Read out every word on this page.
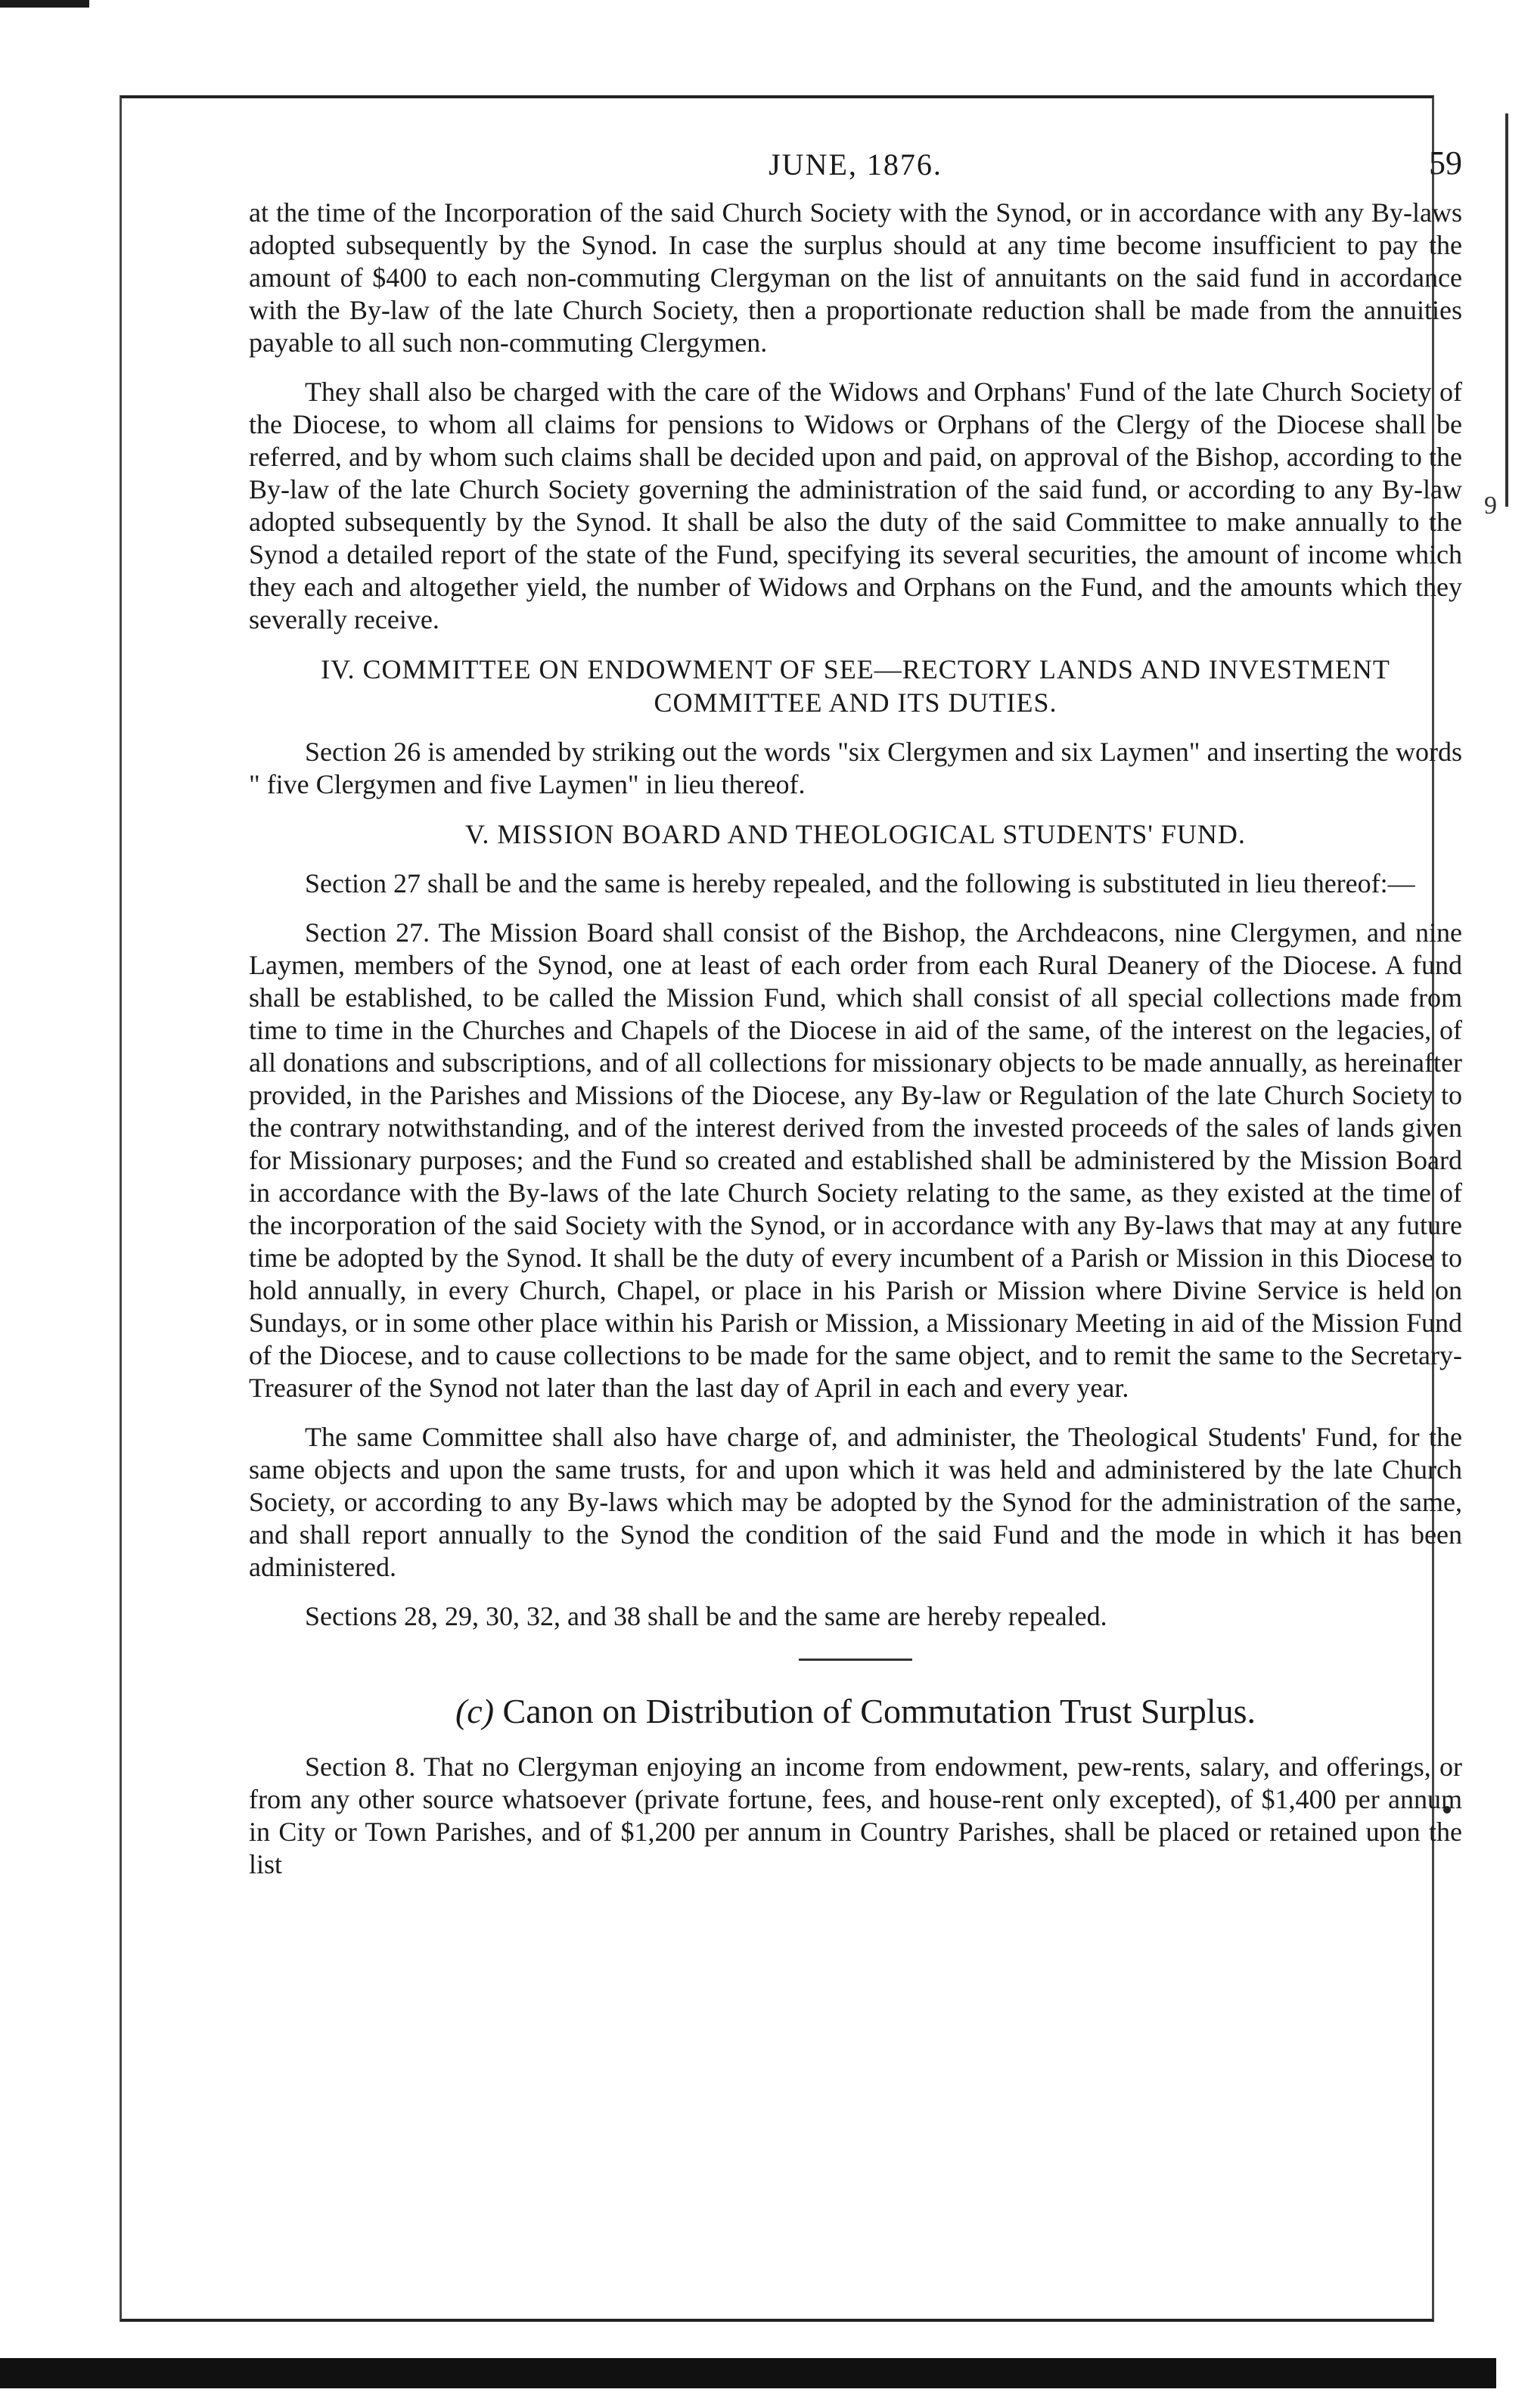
9
JUNE, 1876.	59

at the time of the Incorporation of the said Church Society with the Synod, or in accordance with any By-laws adopted subsequently by the Synod. In case the surplus should at any time become insufficient to pay the amount of $400 to each non-commuting Clergyman on the list of annuitants on the said fund in accordance with the By-law of the late Church Society, then a proportionate reduction shall be made from the annuities payable to all such non-commuting Clergymen.

They shall also be charged with the care of the Widows and Orphans' Fund of the late Church Society of the Diocese, to whom all claims for pensions to Widows or Orphans of the Clergy of the Diocese shall be referred, and by whom such claims shall be decided upon and paid, on approval of the Bishop, according to the By-law of the late Church Society governing the administration of the said fund, or according to any By-law adopted subsequently by the Synod. It shall be also the duty of the said Committee to make annually to the Synod a detailed report of the state of the Fund, specifying its several securities, the amount of income which they each and altogether yield, the number of Widows and Orphans on the Fund, and the amounts which they severally receive.

IV. COMMITTEE ON ENDOWMENT OF SEE—RECTORY LANDS AND INVESTMENT COMMITTEE AND ITS DUTIES.

Section 26 is amended by striking out the words "six Clergymen and six Laymen" and inserting the words " five Clergymen and five Laymen" in lieu thereof.

V. MISSION BOARD AND THEOLOGICAL STUDENTS' FUND.

Section 27 shall be and the same is hereby repealed, and the following is substituted in lieu thereof:—

Section 27. The Mission Board shall consist of the Bishop, the Archdeacons, nine Clergymen, and nine Laymen, members of the Synod, one at least of each order from each Rural Deanery of the Diocese. A fund shall be established, to be called the Mission Fund, which shall consist of all special collections made from time to time in the Churches and Chapels of the Diocese in aid of the same, of the interest on the legacies, of all donations and subscriptions, and of all collections for missionary objects to be made annually, as hereinafter provided, in the Parishes and Missions of the Diocese, any By-law or Regulation of the late Church Society to the contrary notwithstanding, and of the interest derived from the invested proceeds of the sales of lands given for Missionary purposes; and the Fund so created and established shall be administered by the Mission Board in accordance with the By-laws of the late Church Society relating to the same, as they existed at the time of the incorporation of the said Society with the Synod, or in accordance with any By-laws that may at any future time be adopted by the Synod. It shall be the duty of every incumbent of a Parish or Mission in this Diocese to hold annually, in every Church, Chapel, or place in his Parish or Mission where Divine Service is held on Sundays, or in some other place within his Parish or Mission, a Missionary Meeting in aid of the Mission Fund of the Diocese, and to cause collections to be made for the same object, and to remit the same to the Secretary-Treasurer of the Synod not later than the last day of April in each and every year.

The same Committee shall also have charge of, and administer, the Theological Students' Fund, for the same objects and upon the same trusts, for and upon which it was held and administered by the late Church Society, or according to any By-laws which may be adopted by the Synod for the administration of the same, and shall report annually to the Synod the condition of the said Fund and the mode in which it has been administered.

Sections 28, 29, 30, 32, and 38 shall be and the same are hereby repealed.

(c) Canon on Distribution of Commutation Trust Surplus.

Section 8. That no Clergyman enjoying an income from endowment, pew-rents, salary, and offerings, or from any other source whatsoever (private fortune, fees, and house-rent only excepted), of $1,400 per annum in City or Town Parishes, and of $1,200 per annum in Country Parishes, shall be placed or retained upon the list
